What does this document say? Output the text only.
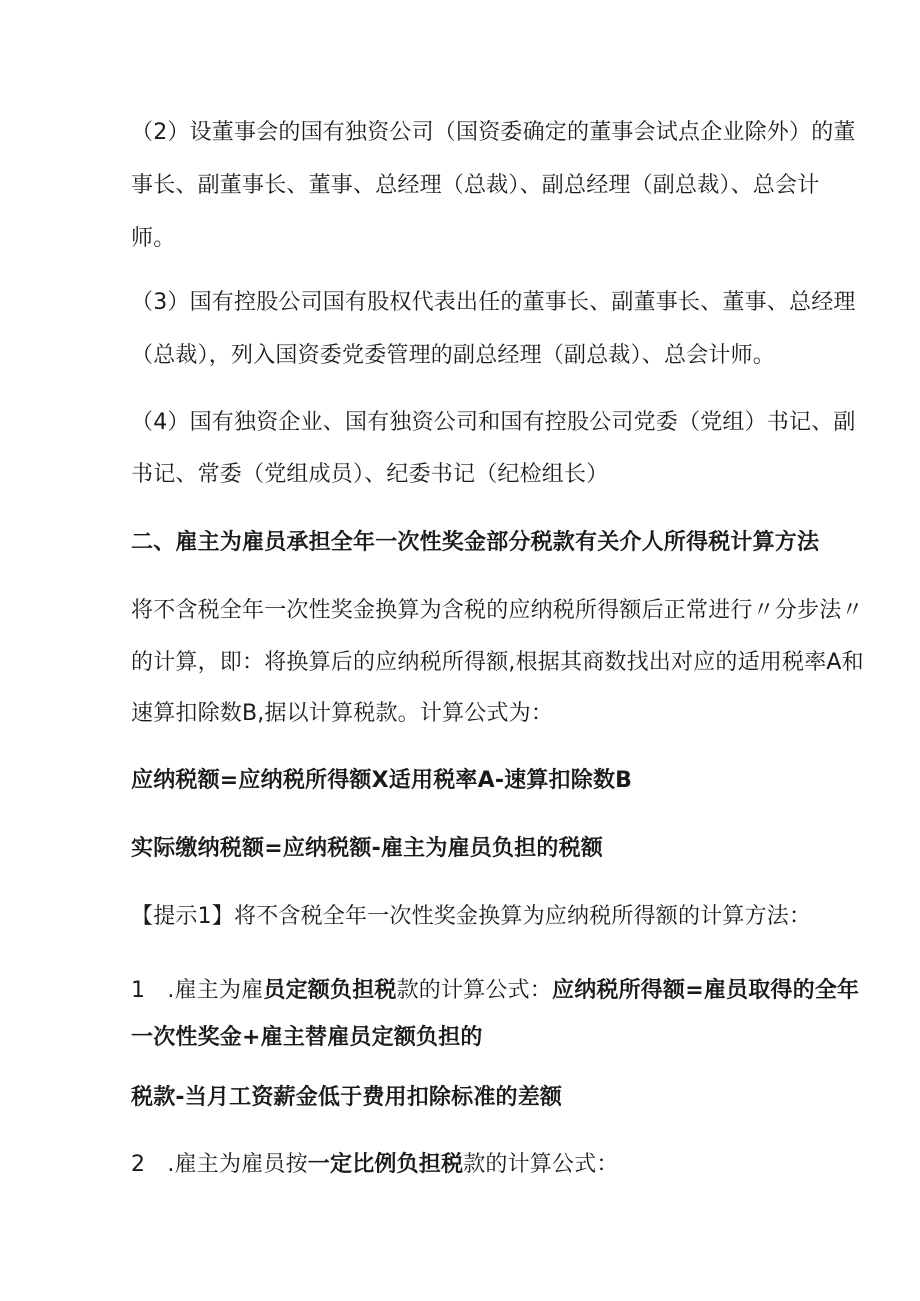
（2）设董事会的国有独资公司（国资委确定的董事会试点企业除外）的董
事长、副董事长、董事、总经理（总裁）、副总经理（副总裁）、总会计
师。
（3）国有控股公司国有股权代表出任的董事长、副董事长、董事、总经理
（总裁），列入国资委党委管理的副总经理（副总裁）、总会计师。
（4）国有独资企业、国有独资公司和国有控股公司党委（党组）书记、副
书记、常委（党组成员）、纪委书记（纪检组长）
二、雇主为雇员承担全年一次性奖金部分税款有关介人所得税计算方法
将不含税全年一次性奖金换算为含税的应纳税所得额后正常进行〃分步法〃
的计算，即：将换算后的应纳税所得额,根据其商数找出对应的适用税率A和
速算扣除数B,据以计算税款。计算公式为：
应纳税额=应纳税所得额X适用税率A-速算扣除数B
实际缴纳税额=应纳税额-雇主为雇员负担的税额
【提示1】将不含税全年一次性奖金换算为应纳税所得额的计算方法：
1　.雇主为雇员定额负担税款的计算公式：应纳税所得额=雇员取得的全年
一次性奖金+雇主替雇员定额负担的
税款-当月工资薪金低于费用扣除标准的差额
2　.雇主为雇员按一定比例负担税款的计算公式：
